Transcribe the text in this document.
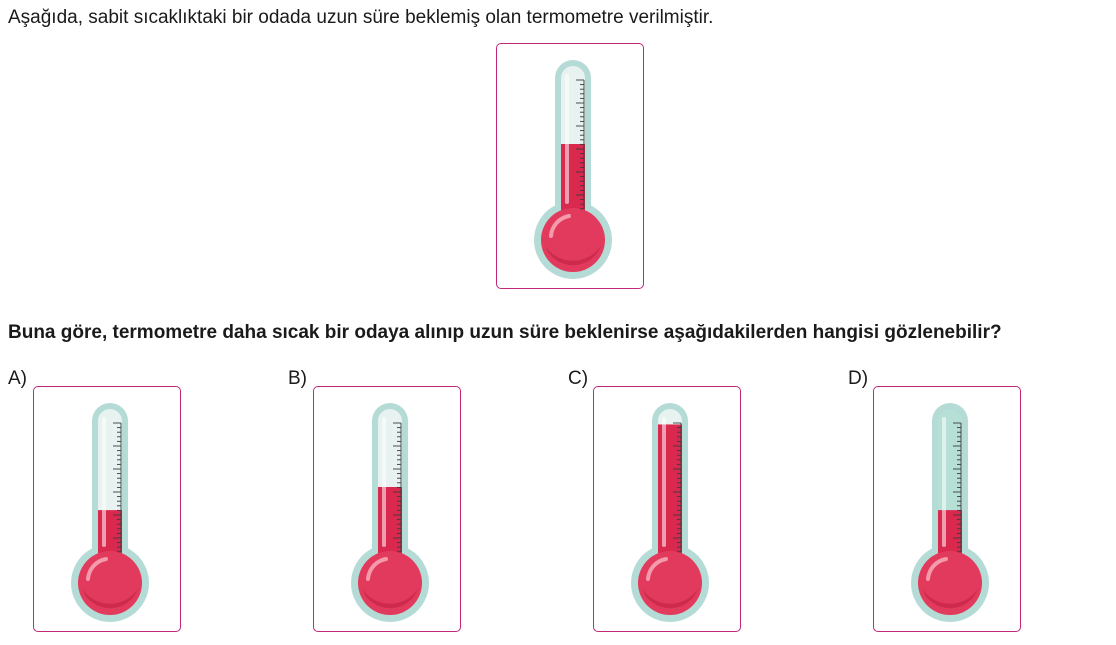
Aşağıda, sabit sıcaklıktaki bir odada uzun süre beklemiş olan termometre verilmiştir.

Buna göre, termometre daha sıcak bir odaya alınıp uzun süre beklenirse aşağıdakilerden hangisi gözlenebilir?

A)	B)	C)	D)
